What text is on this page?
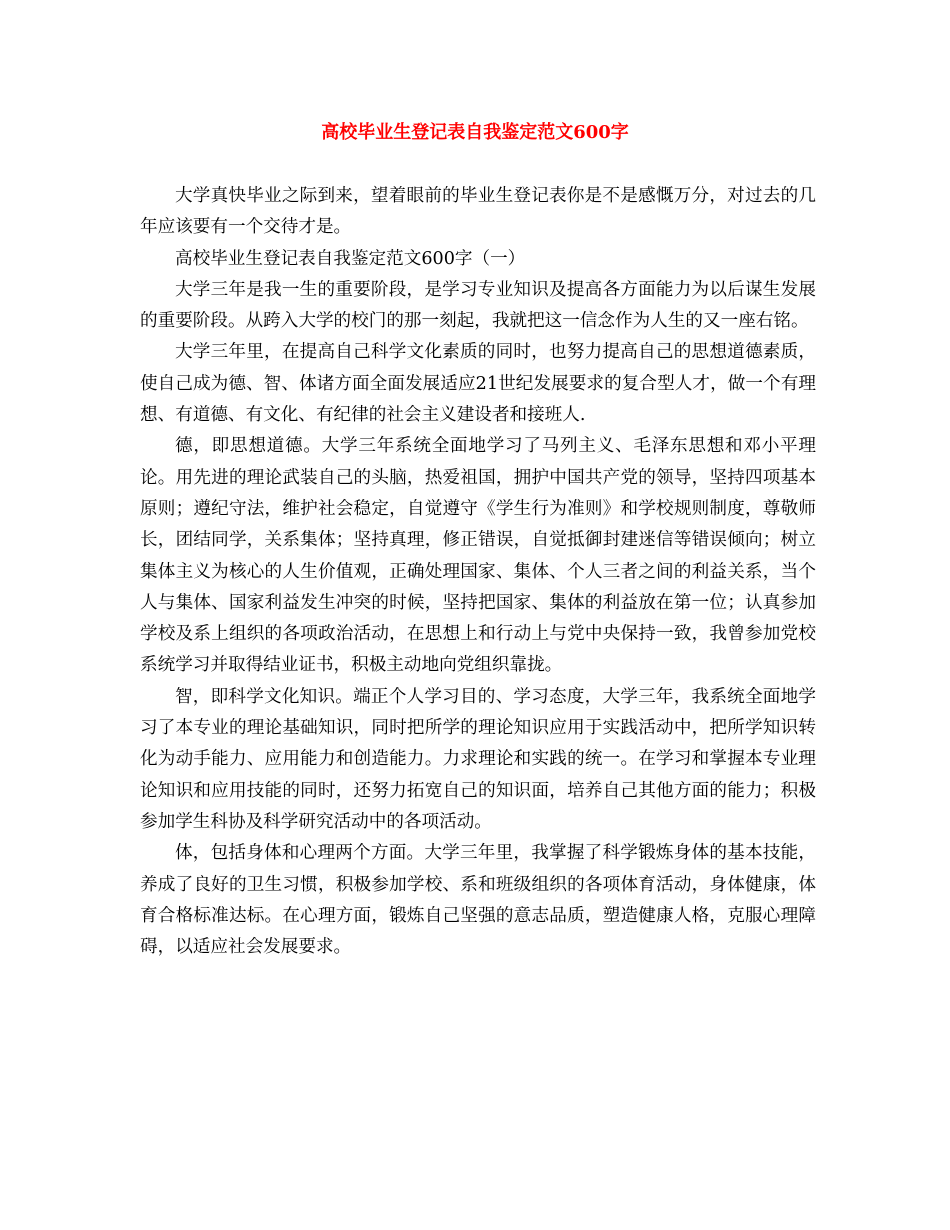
高校毕业生登记表自我鉴定范文600字

大学真快毕业之际到来，望着眼前的毕业生登记表你是不是感慨万分，对过去的几年应该要有一个交待才是。

高校毕业生登记表自我鉴定范文600字（一）

大学三年是我一生的重要阶段，是学习专业知识及提高各方面能力为以后谋生发展的重要阶段。从跨入大学的校门的那一刻起，我就把这一信念作为人生的又一座右铭。

大学三年里，在提高自己科学文化素质的同时，也努力提高自己的思想道德素质，使自己成为德、智、体诸方面全面发展适应21世纪发展要求的复合型人才，做一个有理想、有道德、有文化、有纪律的社会主义建设者和接班人.

德，即思想道德。大学三年系统全面地学习了马列主义、毛泽东思想和邓小平理论。用先进的理论武装自己的头脑，热爱祖国，拥护中国共产党的领导，坚持四项基本原则；遵纪守法，维护社会稳定，自觉遵守《学生行为准则》和学校规则制度，尊敬师长，团结同学，关系集体；坚持真理，修正错误，自觉抵御封建迷信等错误倾向；树立集体主义为核心的人生价值观，正确处理国家、集体、个人三者之间的利益关系，当个人与集体、国家利益发生冲突的时候，坚持把国家、集体的利益放在第一位；认真参加学校及系上组织的各项政治活动，在思想上和行动上与党中央保持一致，我曾参加党校系统学习并取得结业证书，积极主动地向党组织靠拢。

智，即科学文化知识。端正个人学习目的、学习态度，大学三年，我系统全面地学习了本专业的理论基础知识，同时把所学的理论知识应用于实践活动中，把所学知识转化为动手能力、应用能力和创造能力。力求理论和实践的统一。在学习和掌握本专业理论知识和应用技能的同时，还努力拓宽自己的知识面，培养自己其他方面的能力；积极参加学生科协及科学研究活动中的各项活动。

体，包括身体和心理两个方面。大学三年里，我掌握了科学锻炼身体的基本技能，养成了良好的卫生习惯，积极参加学校、系和班级组织的各项体育活动，身体健康，体育合格标准达标。在心理方面，锻炼自己坚强的意志品质，塑造健康人格，克服心理障碍，以适应社会发展要求。
